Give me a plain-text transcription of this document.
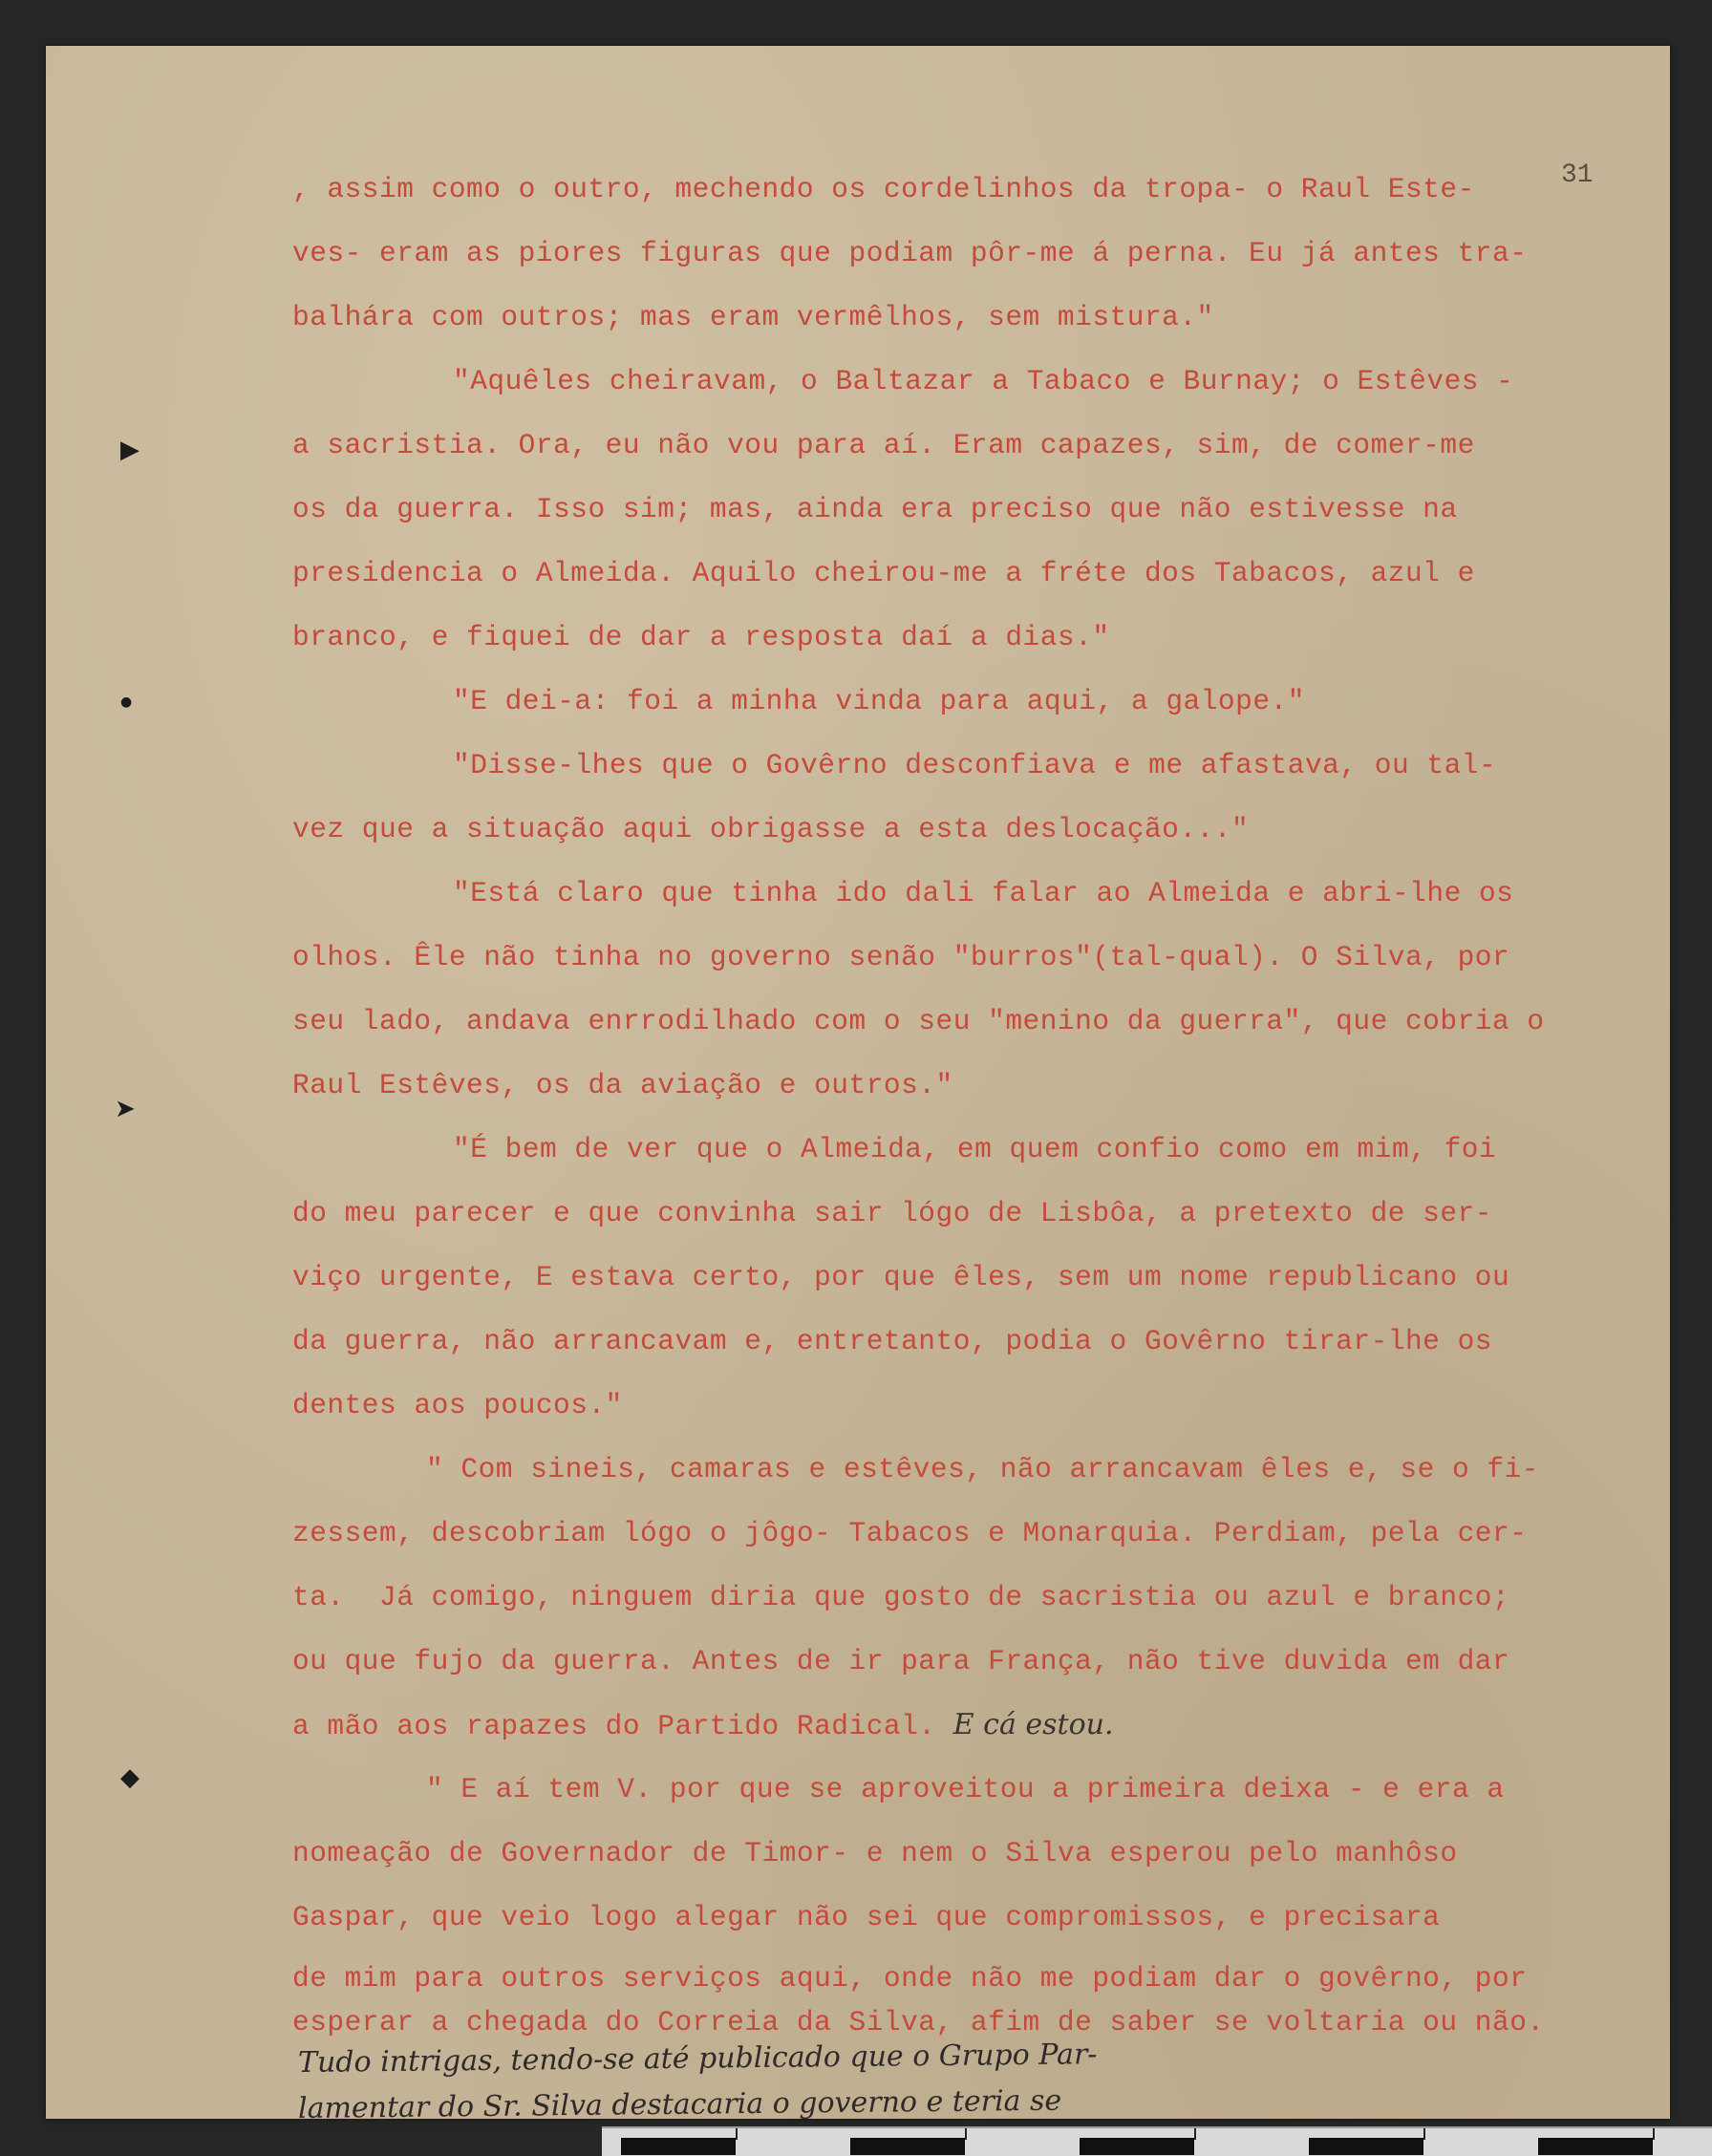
31
▶
●
➤
◆
, assim como o outro, mechendo os cordelinhos da tropa- o Raul Este-
ves- eram as piores figuras que podiam pôr-me á perna. Eu já antes tra-
balhára com outros; mas eram vermêlhos, sem mistura."
"Aquêles cheiravam, o Baltazar a Tabaco e Burnay; o Estêves -
a sacristia. Ora, eu não vou para aí. Eram capazes, sim, de comer-me
os da guerra. Isso sim; mas, ainda era preciso que não estivesse na
presidencia o Almeida. Aquilo cheirou-me a fréte dos Tabacos, azul e
branco, e fiquei de dar a resposta daí a dias."
"E dei-a: foi a minha vinda para aqui, a galope."
"Disse-lhes que o Govêrno desconfiava e me afastava, ou tal-
vez que a situação aqui obrigasse a esta deslocação..."
"Está claro que tinha ido dali falar ao Almeida e abri-lhe os
olhos. Êle não tinha no governo senão "burros"(tal-qual). O Silva, por
seu lado, andava enrrodilhado com o seu "menino da guerra", que cobria o
Raul Estêves, os da aviação e outros."
"É bem de ver que o Almeida, em quem confio como em mim, foi
do meu parecer e que convinha sair lógo de Lisbôa, a pretexto de ser-
viço urgente, E estava certo, por que êles, sem um nome republicano ou
da guerra, não arrancavam e, entretanto, podia o Govêrno tirar-lhe os
dentes aos poucos."
" Com sineis, camaras e estêves, não arrancavam êles e, se o fi-
zessem, descobriam lógo o jôgo- Tabacos e Monarquia. Perdiam, pela cer-
ta.  Já comigo, ninguem diria que gosto de sacristia ou azul e branco;
ou que fujo da guerra. Antes de ir para França, não tive duvida em dar
a mão aos rapazes do Partido Radical. E cá estou.
" E aí tem V. por que se aproveitou a primeira deixa - e era a
nomeação de Governador de Timor- e nem o Silva esperou pelo manhôso
Gaspar, que veio logo alegar não sei que compromissos, e precisara
de mim para outros serviços aqui, onde não me podiam dar o govêrno, por
esperar a chegada do Correia da Silva, afim de saber se voltaria ou não.
Tudo intrigas, tendo-se até publicado que o Grupo Par-
lamentar do Sr. Silva destacaria o governo e teria se
